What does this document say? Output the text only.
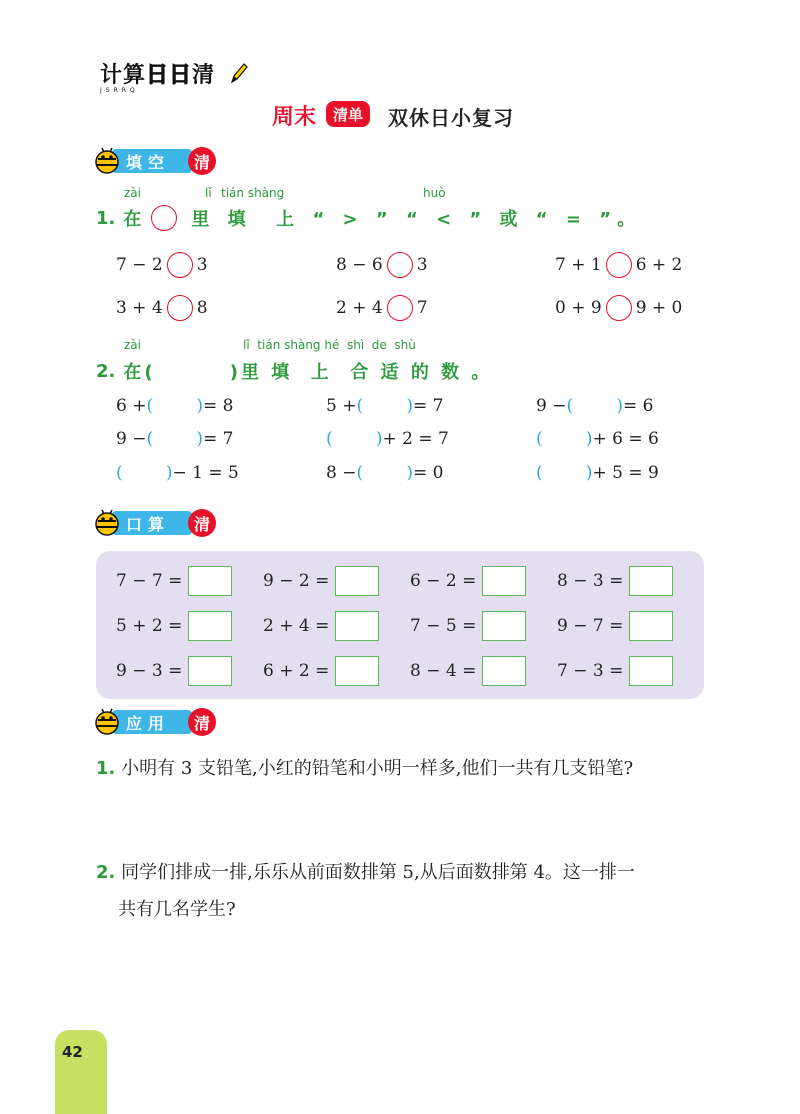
计算日日清
JSRRQ
周末	清单	双休日小复习
填空	清
zài	lǐ tián shàng	huò
1. 在 里 填  上 “ > ” “ < ” 或 “ = ”。
7 − 2 3	8 − 6 3	7 + 1 6 + 2
3 + 4 8	2 + 4 7	0 + 9 9 + 0
zài	lǐ  tián shàng hé  shì  de  shù
2. 在(        )里 填  上  合 适 的 数 。
6 + (    ) = 8	5 + (    ) = 7	9 − (    ) = 6
9 − (    ) = 7	(    ) + 2 = 7	(    ) + 6 = 6
(    ) − 1 = 5	8 − (    ) = 0	(    ) + 5 = 9
口算	清
7 − 7 =	9 − 2 =	6 − 2 =	8 − 3 =
5 + 2 =	2 + 4 =	7 − 5 =	9 − 7 =
9 − 3 =	6 + 2 =	8 − 4 =	7 − 3 =
应用	清
1. 小明有 3 支铅笔,小红的铅笔和小明一样多,他们一共有几支铅笔?
2. 同学们排成一排,乐乐从前面数排第 5,从后面数排第 4。这一排一
共有几名学生?
42
